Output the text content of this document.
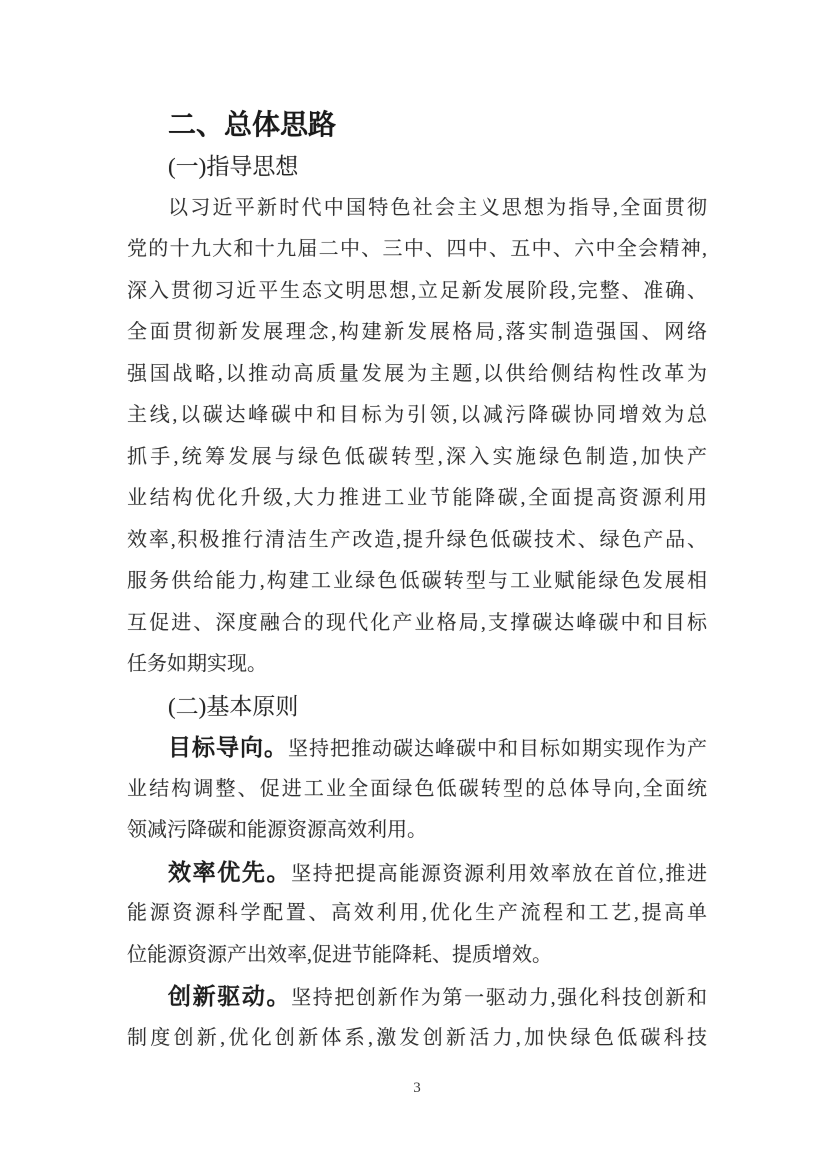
二、总体思路
(一)指导思想
以习近平新时代中国特色社会主义思想为指导,全面贯彻
党的十九大和十九届二中、三中、四中、五中、六中全会精神,
深入贯彻习近平生态文明思想,立足新发展阶段,完整、准确、
全面贯彻新发展理念,构建新发展格局,落实制造强国、网络
强国战略,以推动高质量发展为主题,以供给侧结构性改革为
主线,以碳达峰碳中和目标为引领,以减污降碳协同增效为总
抓手,统筹发展与绿色低碳转型,深入实施绿色制造,加快产
业结构优化升级,大力推进工业节能降碳,全面提高资源利用
效率,积极推行清洁生产改造,提升绿色低碳技术、绿色产品、
服务供给能力,构建工业绿色低碳转型与工业赋能绿色发展相
互促进、深度融合的现代化产业格局,支撑碳达峰碳中和目标
任务如期实现。
(二)基本原则
目标导向。坚持把推动碳达峰碳中和目标如期实现作为产
业结构调整、促进工业全面绿色低碳转型的总体导向,全面统
领减污降碳和能源资源高效利用。
效率优先。坚持把提高能源资源利用效率放在首位,推进
能源资源科学配置、高效利用,优化生产流程和工艺,提高单
位能源资源产出效率,促进节能降耗、提质增效。
创新驱动。坚持把创新作为第一驱动力,强化科技创新和
制度创新,优化创新体系,激发创新活力,加快绿色低碳科技
3
